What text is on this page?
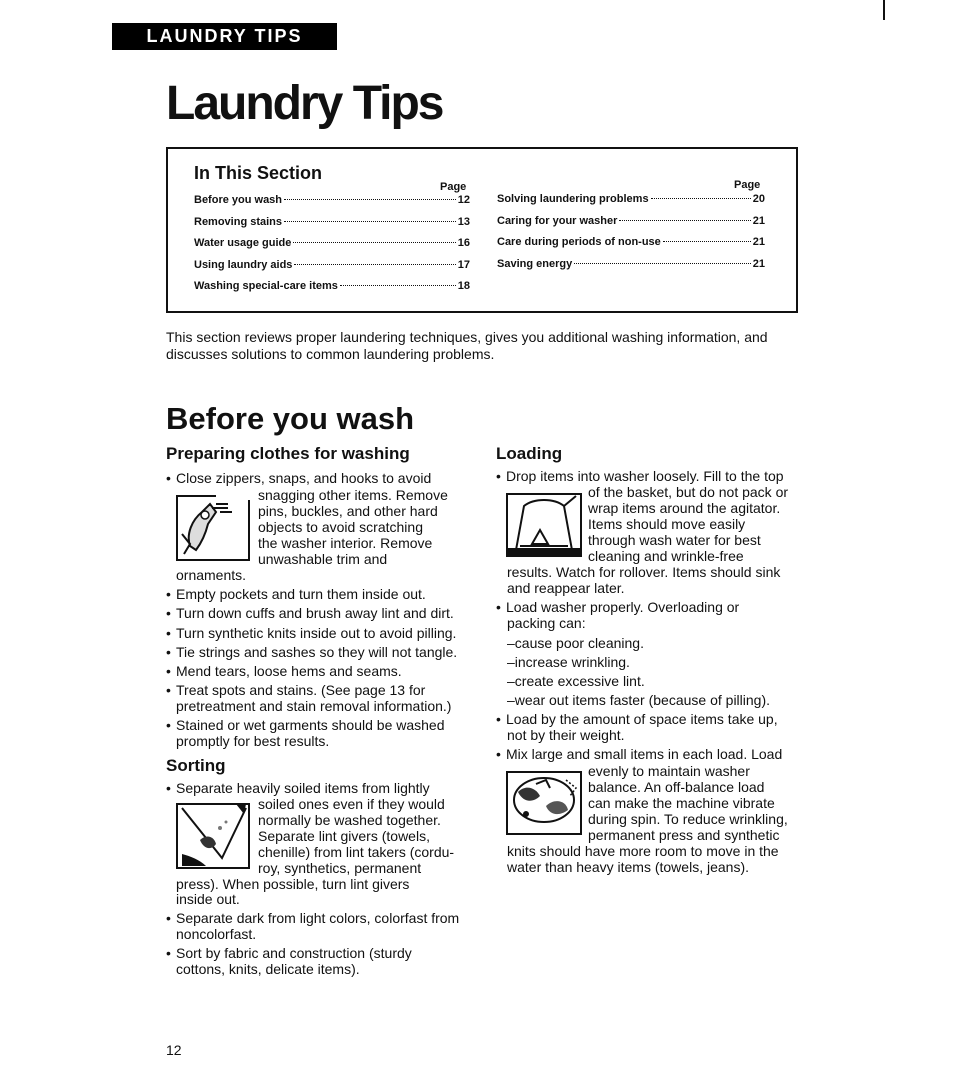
LAUNDRY TIPS
Laundry Tips
In This Section
Page	Page
Before you wash	12
Removing stains	13
Water usage guide	16
Using laundry aids	17
Washing special-care items	18
Solving laundering problems	20
Caring for your washer	21
Care during periods of non-use	21
Saving energy	21

This section reviews proper laundering techniques, gives you additional washing information, and discusses solutions to common laundering problems.

Before you wash
Preparing clothes for washing
• Close zippers, snaps, and hooks to avoid
snagging other items. Remove
pins, buckles, and other hard
objects to avoid scratching
the washer interior. Remove
unwashable trim and
ornaments.
• Empty pockets and turn them inside out.
• Turn down cuffs and brush away lint and dirt.
• Turn synthetic knits inside out to avoid pilling.
• Tie strings and sashes so they will not tangle.
• Mend tears, loose hems and seams.
• Treat spots and stains. (See page 13 for
pretreatment and stain removal information.)
• Stained or wet garments should be washed
promptly for best results.
Sorting
• Separate heavily soiled items from lightly
soiled ones even if they would
normally be washed together.
Separate lint givers (towels,
chenille) from lint takers (cordu-
roy, synthetics, permanent
press). When possible, turn lint givers
inside out.
• Separate dark from light colors, colorfast from
noncolorfast.
• Sort by fabric and construction (sturdy
cottons, knits, delicate items).
Loading
• Drop items into washer loosely. Fill to the top
of the basket, but do not pack or
wrap items around the agitator.
Items should move easily
through wash water for best
cleaning and wrinkle-free
results. Watch for rollover. Items should sink
and reappear later.
• Load washer properly. Overloading or
packing can:
–cause poor cleaning.
–increase wrinkling.
–create excessive lint.
–wear out items faster (because of pilling).
• Load by the amount of space items take up,
not by their weight.
• Mix large and small items in each load. Load
evenly to maintain washer
balance. An off-balance load
can make the machine vibrate
during spin. To reduce wrinkling,
permanent press and synthetic
knits should have more room to move in the
water than heavy items (towels, jeans).
12
